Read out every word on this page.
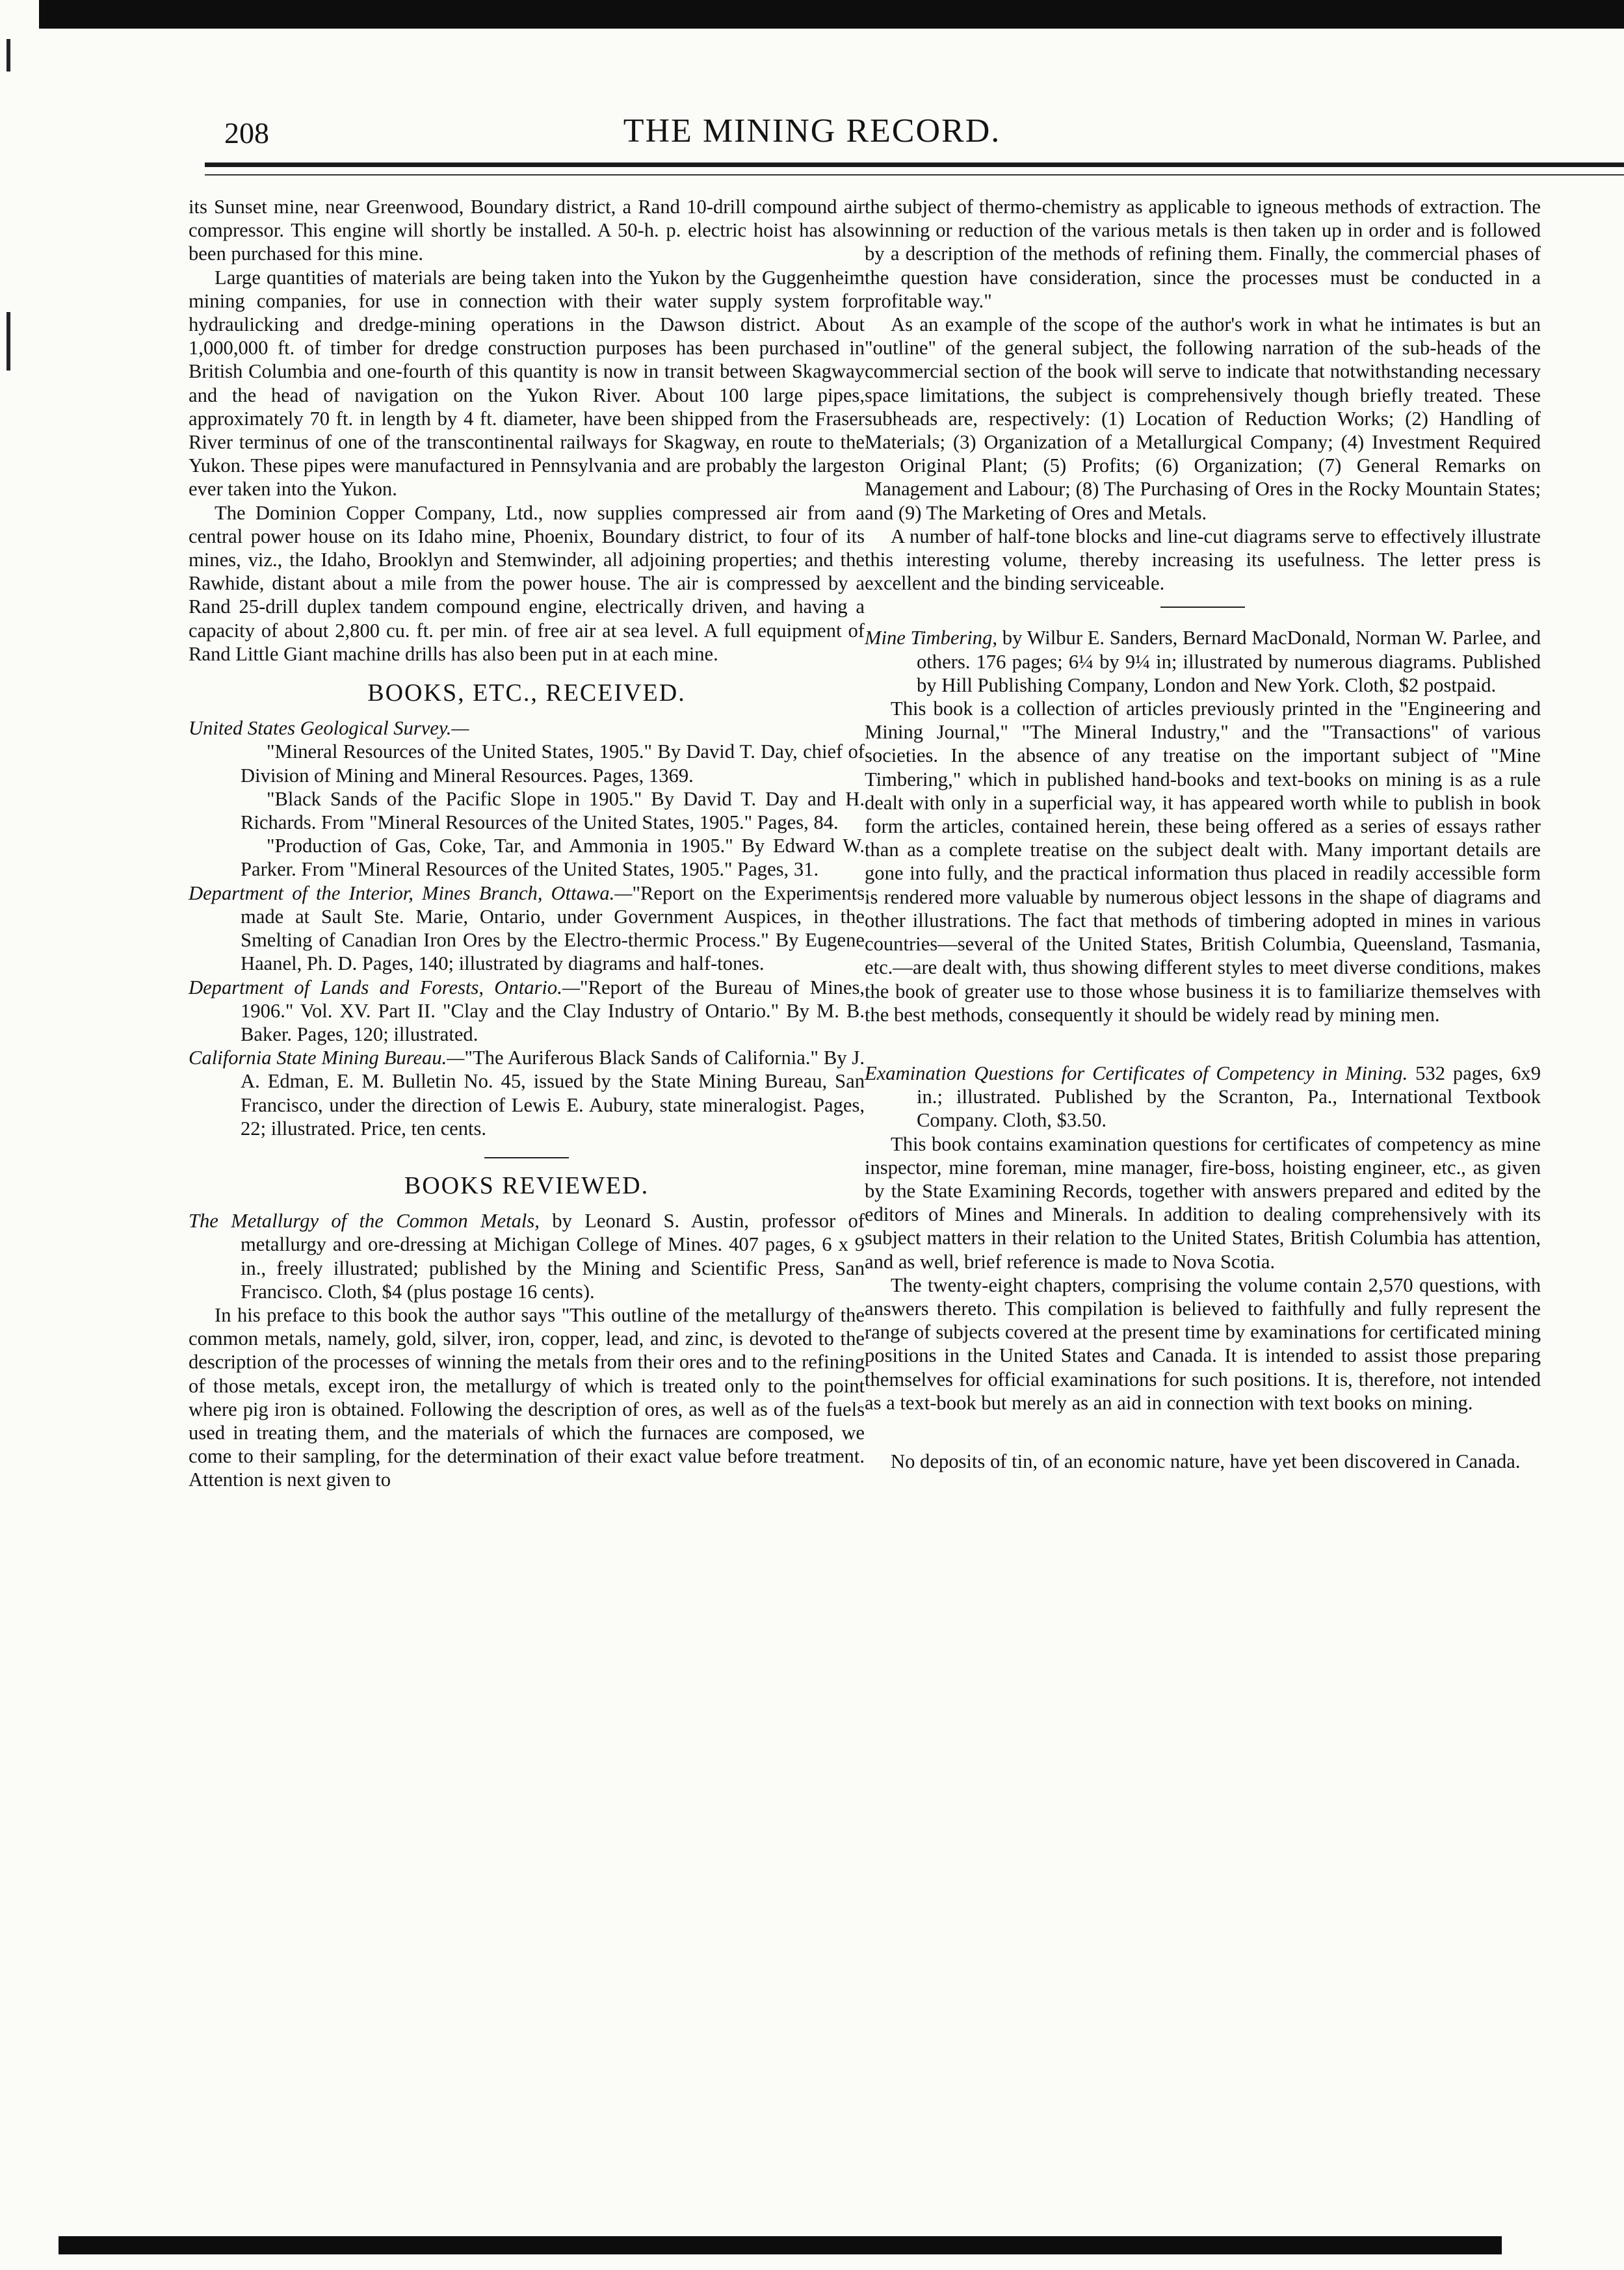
208	THE MINING RECORD.

its Sunset mine, near Greenwood, Boundary district, a Rand 10-drill compound air compressor. This engine will shortly be installed. A 50-h. p. electric hoist has also been purchased for this mine.

Large quantities of materials are being taken into the Yukon by the Guggenheim mining companies, for use in connection with their water supply system for hydraulicking and dredge-mining operations in the Dawson district. About 1,000,000 ft. of timber for dredge construction purposes has been purchased in British Columbia and one-fourth of this quantity is now in transit between Skagway and the head of navigation on the Yukon River. About 100 large pipes, approximately 70 ft. in length by 4 ft. diameter, have been shipped from the Fraser River terminus of one of the transcontinental railways for Skagway, en route to the Yukon. These pipes were manufactured in Pennsylvania and are probably the largest ever taken into the Yukon.

The Dominion Copper Company, Ltd., now supplies compressed air from a central power house on its Idaho mine, Phoenix, Boundary district, to four of its mines, viz., the Idaho, Brooklyn and Stemwinder, all adjoining properties; and the Rawhide, distant about a mile from the power house. The air is compressed by a Rand 25-drill duplex tandem compound engine, electrically driven, and having a capacity of about 2,800 cu. ft. per min. of free air at sea level. A full equipment of Rand Little Giant machine drills has also been put in at each mine.

BOOKS, ETC., RECEIVED.

United States Geological Survey.—

"Mineral Resources of the United States, 1905." By David T. Day, chief of Division of Mining and Mineral Resources. Pages, 1369.

"Black Sands of the Pacific Slope in 1905." By David T. Day and H. Richards. From "Mineral Resources of the United States, 1905." Pages, 84.

"Production of Gas, Coke, Tar, and Ammonia in 1905." By Edward W. Parker. From "Mineral Resources of the United States, 1905." Pages, 31.

Department of the Interior, Mines Branch, Ottawa.—"Report on the Experiments made at Sault Ste. Marie, Ontario, under Government Auspices, in the Smelting of Canadian Iron Ores by the Electro-thermic Process." By Eugene Haanel, Ph. D. Pages, 140; illustrated by diagrams and half-tones.

Department of Lands and Forests, Ontario.—"Report of the Bureau of Mines, 1906." Vol. XV. Part II. "Clay and the Clay Industry of Ontario." By M. B. Baker. Pages, 120; illustrated.

California State Mining Bureau.—"The Auriferous Black Sands of California." By J. A. Edman, E. M. Bulletin No. 45, issued by the State Mining Bureau, San Francisco, under the direction of Lewis E. Aubury, state mineralogist. Pages, 22; illustrated. Price, ten cents.

BOOKS REVIEWED.

The Metallurgy of the Common Metals, by Leonard S. Austin, professor of metallurgy and ore-dressing at Michigan College of Mines. 407 pages, 6 x 9 in., freely illustrated; published by the Mining and Scientific Press, San Francisco. Cloth, $4 (plus postage 16 cents).

In his preface to this book the author says "This outline of the metallurgy of the common metals, namely, gold, silver, iron, copper, lead, and zinc, is devoted to the description of the processes of winning the metals from their ores and to the refining of those metals, except iron, the metallurgy of which is treated only to the point where pig iron is obtained. Following the description of ores, as well as of the fuels used in treating them, and the materials of which the furnaces are composed, we come to their sampling, for the determination of their exact value before treatment. Attention is next given to

the subject of thermo-chemistry as applicable to igneous methods of extraction. The winning or reduction of the various metals is then taken up in order and is followed by a description of the methods of refining them. Finally, the commercial phases of the question have consideration, since the processes must be conducted in a profitable way."

As an example of the scope of the author's work in what he intimates is but an "outline" of the general subject, the following narration of the sub-heads of the commercial section of the book will serve to indicate that notwithstanding necessary space limitations, the subject is comprehensively though briefly treated. These subheads are, respectively: (1) Location of Reduction Works; (2) Handling of Materials; (3) Organization of a Metallurgical Company; (4) Investment Required on Original Plant; (5) Profits; (6) Organization; (7) General Remarks on Management and Labour; (8) The Purchasing of Ores in the Rocky Mountain States; and (9) The Marketing of Ores and Metals.

A number of half-tone blocks and line-cut diagrams serve to effectively illustrate this interesting volume, thereby increasing its usefulness. The letter press is excellent and the binding serviceable.

Mine Timbering, by Wilbur E. Sanders, Bernard MacDonald, Norman W. Parlee, and others. 176 pages; 6¼ by 9¼ in; illustrated by numerous diagrams. Published by Hill Publishing Company, London and New York. Cloth, $2 postpaid.

This book is a collection of articles previously printed in the "Engineering and Mining Journal," "The Mineral Industry," and the "Transactions" of various societies. In the absence of any treatise on the important subject of "Mine Timbering," which in published hand-books and text-books on mining is as a rule dealt with only in a superficial way, it has appeared worth while to publish in book form the articles, contained herein, these being offered as a series of essays rather than as a complete treatise on the subject dealt with. Many important details are gone into fully, and the practical information thus placed in readily accessible form is rendered more valuable by numerous object lessons in the shape of diagrams and other illustrations. The fact that methods of timbering adopted in mines in various countries—several of the United States, British Columbia, Queensland, Tasmania, etc.—are dealt with, thus showing different styles to meet diverse conditions, makes the book of greater use to those whose business it is to familiarize themselves with the best methods, consequently it should be widely read by mining men.

Examination Questions for Certificates of Competency in Mining. 532 pages, 6x9 in.; illustrated. Published by the Scranton, Pa., International Textbook Company. Cloth, $3.50.

This book contains examination questions for certificates of competency as mine inspector, mine foreman, mine manager, fire-boss, hoisting engineer, etc., as given by the State Examining Records, together with answers prepared and edited by the editors of Mines and Minerals. In addition to dealing comprehensively with its subject matters in their relation to the United States, British Columbia has attention, and as well, brief reference is made to Nova Scotia.

The twenty-eight chapters, comprising the volume contain 2,570 questions, with answers thereto. This compilation is believed to faithfully and fully represent the range of subjects covered at the present time by examinations for certificated mining positions in the United States and Canada. It is intended to assist those preparing themselves for official examinations for such positions. It is, therefore, not intended as a text-book but merely as an aid in connection with text books on mining.

No deposits of tin, of an economic nature, have yet been discovered in Canada.
